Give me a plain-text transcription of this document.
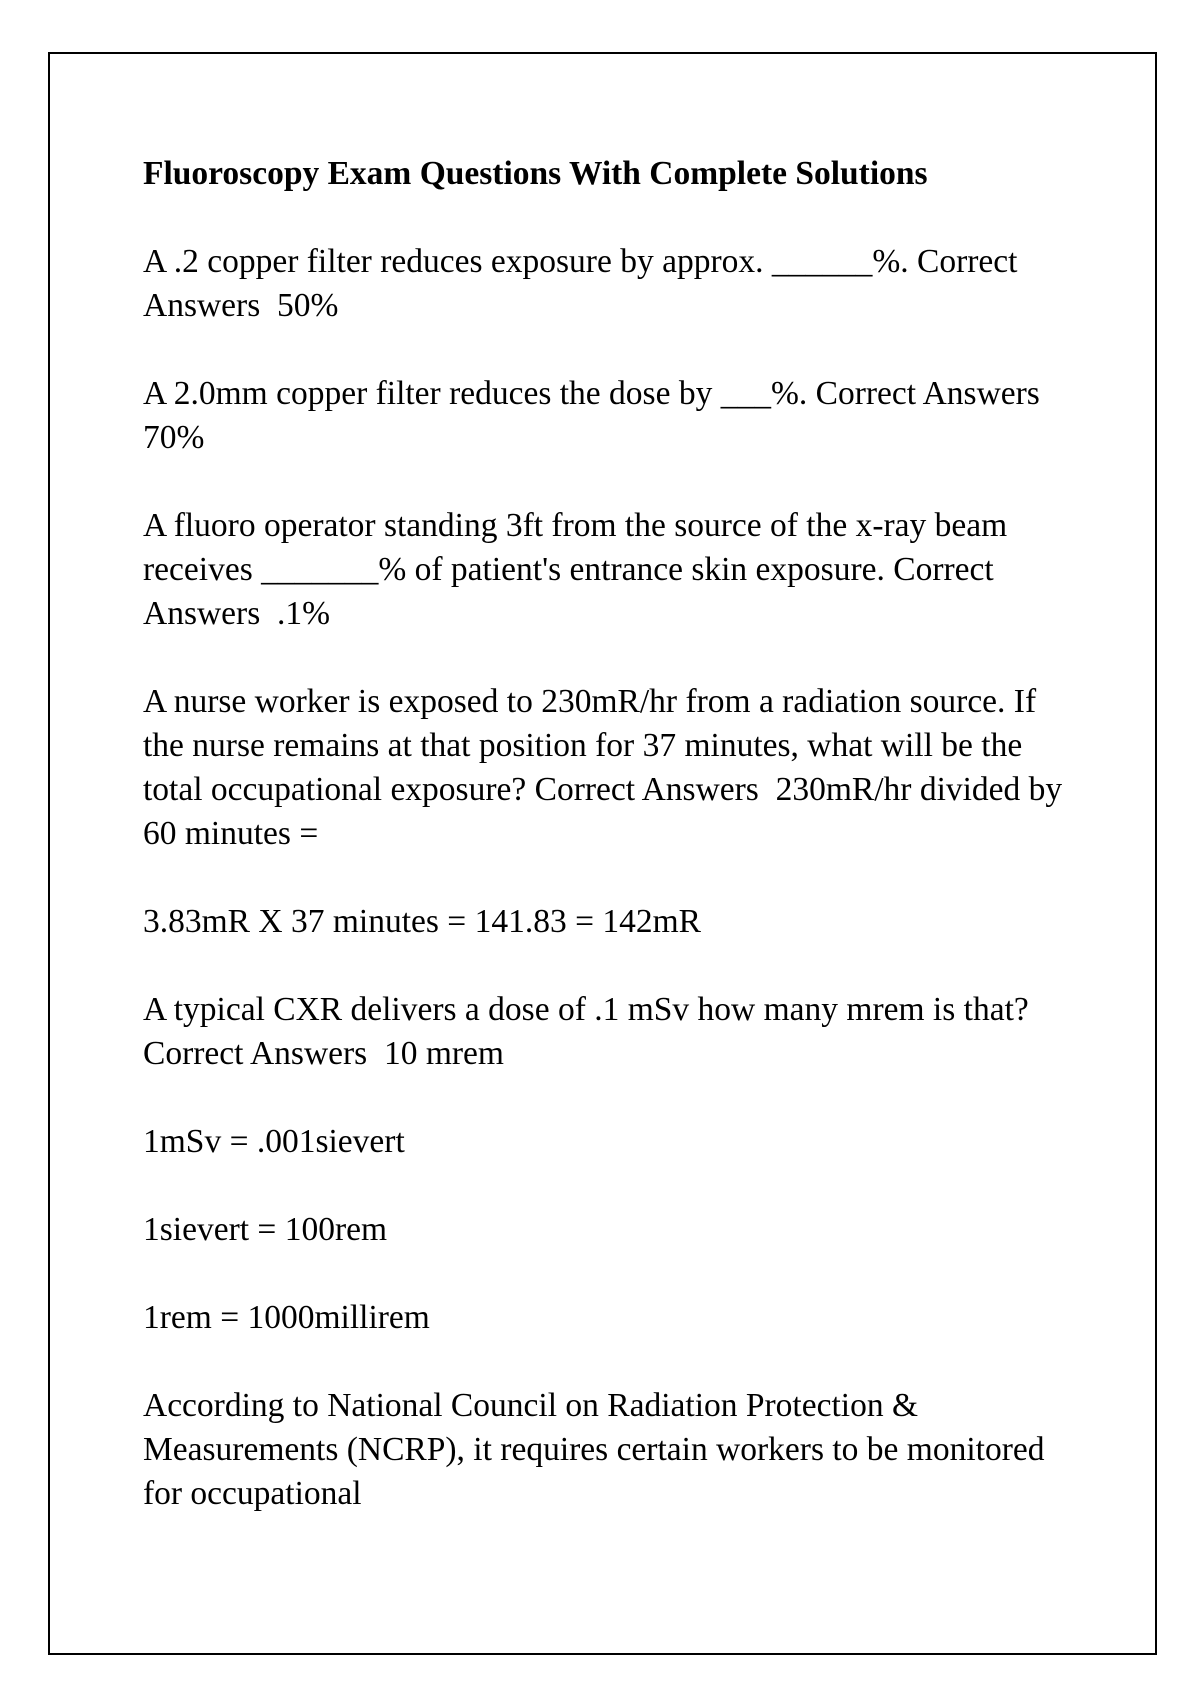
Fluoroscopy Exam Questions With Complete Solutions

A .2 copper filter reduces exposure by approx. ______%. Correct Answers  50%

A 2.0mm copper filter reduces the dose by ___%. Correct Answers  70%

A fluoro operator standing 3ft from the source of the x-ray beam receives _______% of patient's entrance skin exposure. Correct Answers  .1%

A nurse worker is exposed to 230mR/hr from a radiation source. If the nurse remains at that position for 37 minutes, what will be the total occupational exposure? Correct Answers  230mR/hr divided by 60 minutes =

3.83mR X 37 minutes = 141.83 = 142mR

A typical CXR delivers a dose of .1 mSv how many mrem is that? Correct Answers  10 mrem

1mSv = .001sievert

1sievert = 100rem

1rem = 1000millirem

According to National Council on Radiation Protection & Measurements (NCRP), it requires certain workers to be monitored for occupational
